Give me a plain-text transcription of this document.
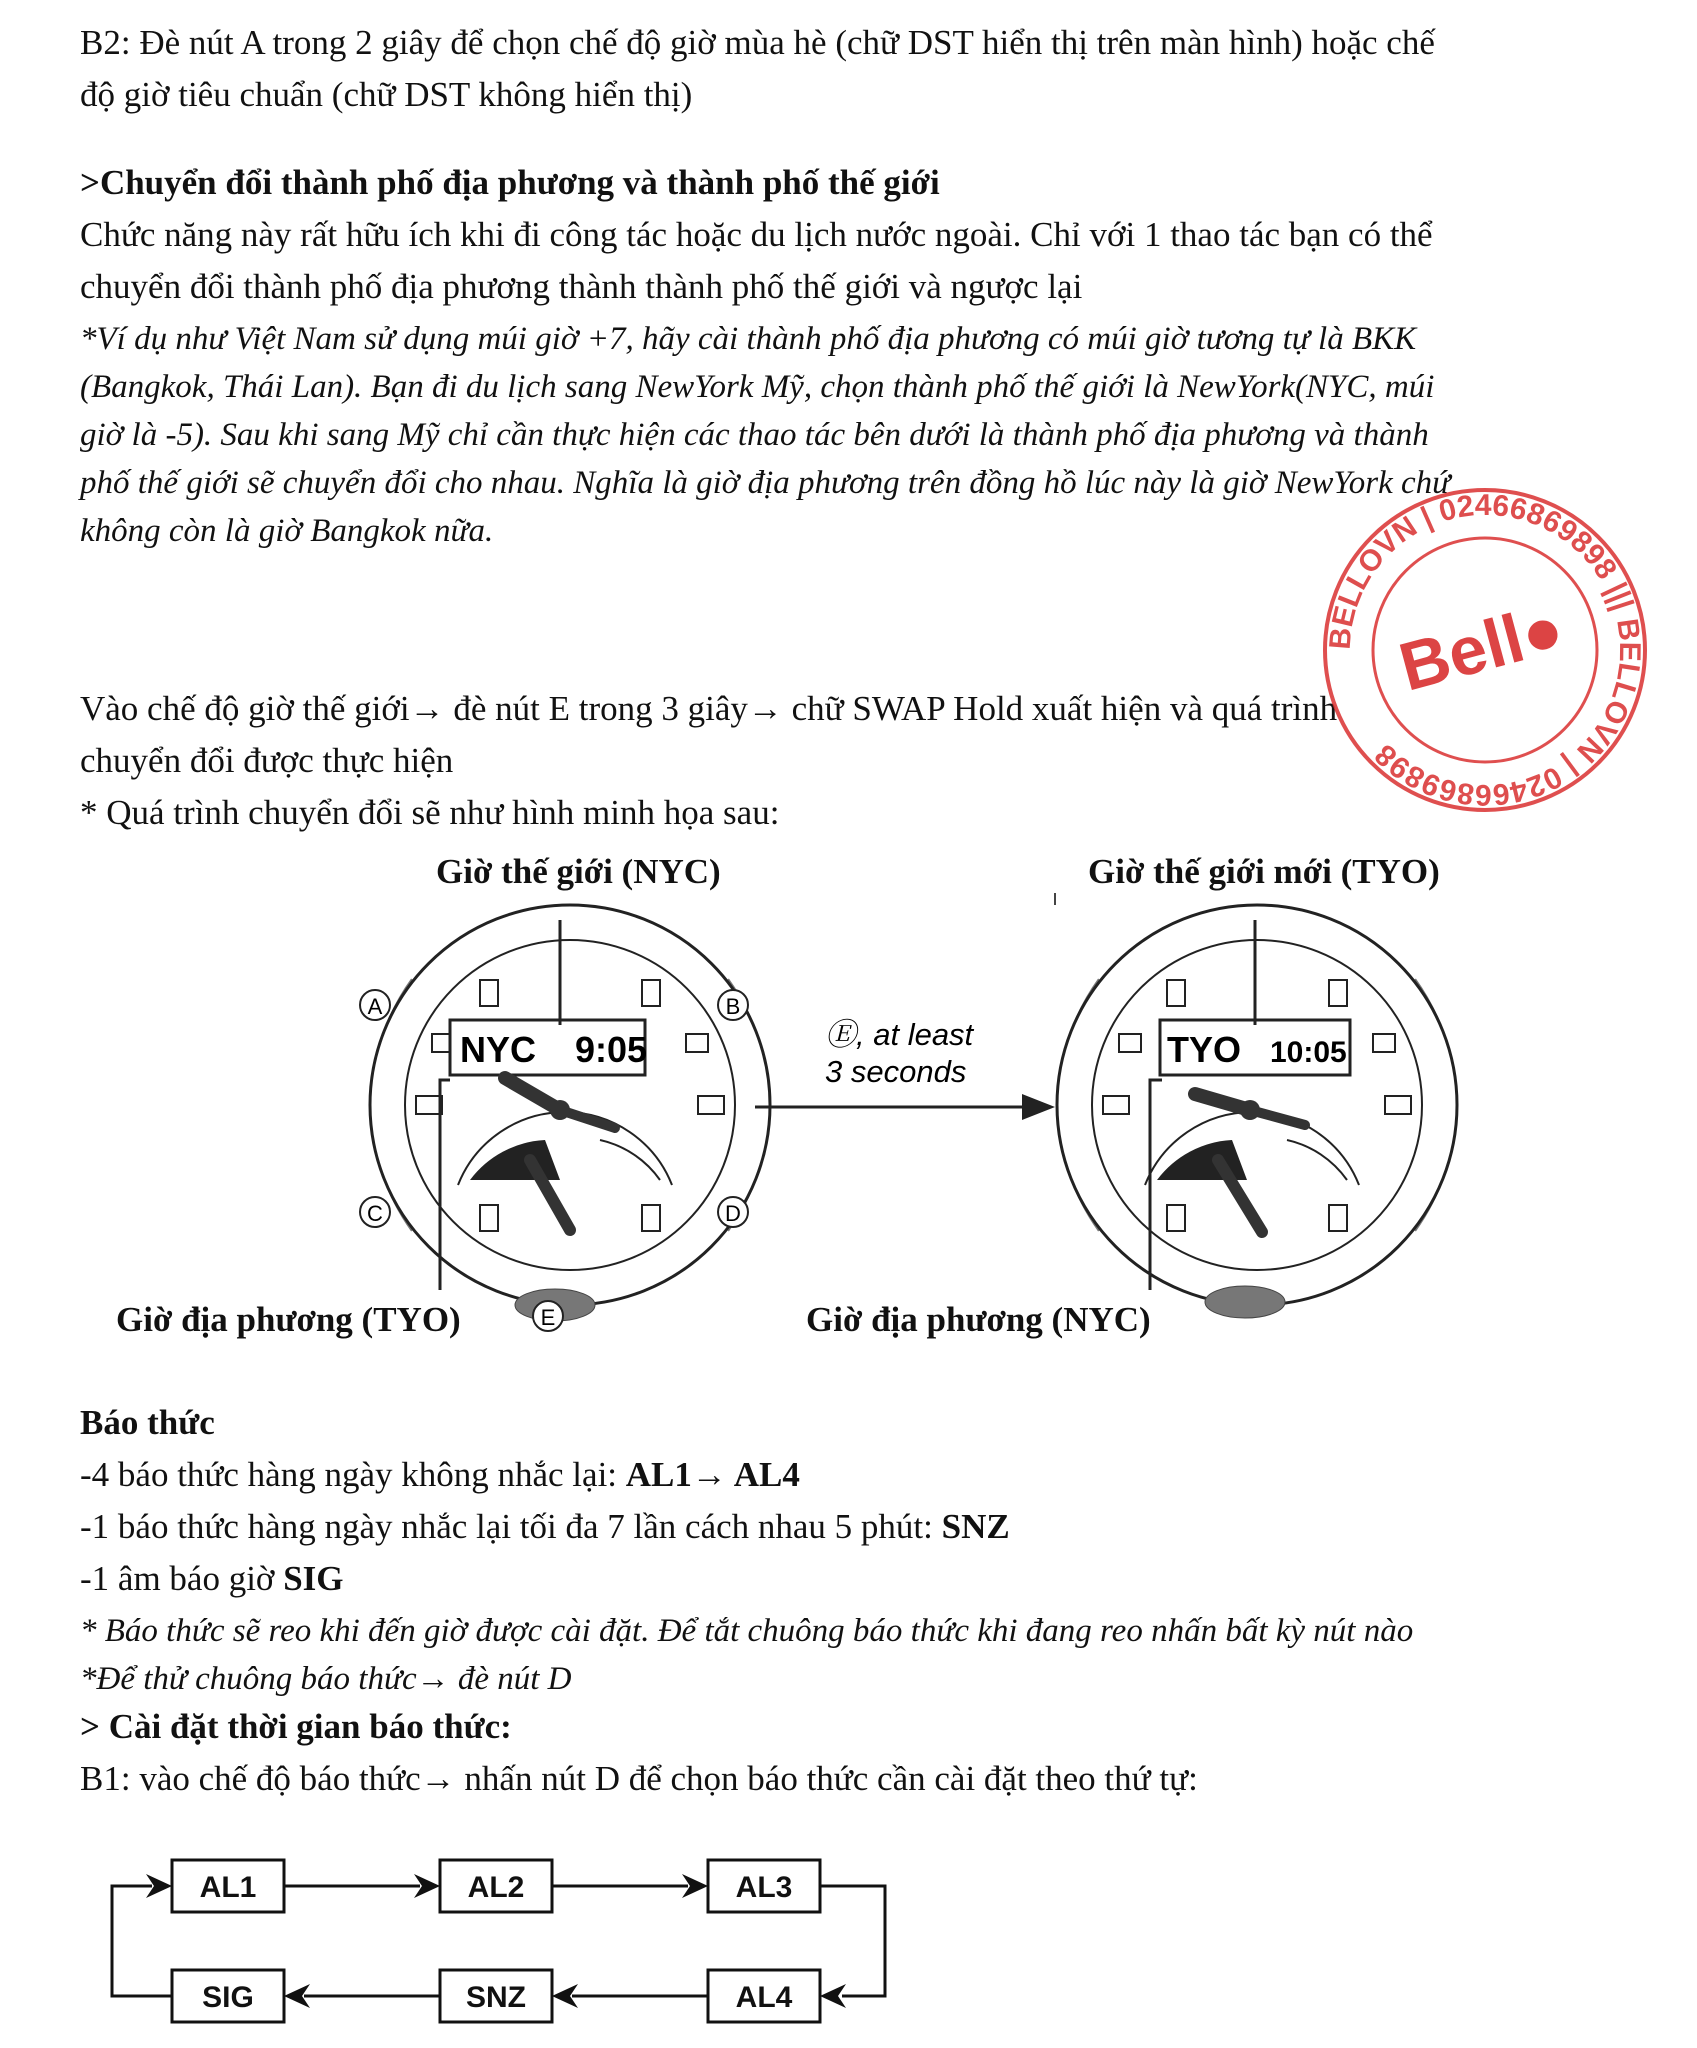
B2: Đè nút A trong 2 giây để chọn chế độ giờ mùa hè (chữ DST hiển thị trên màn hình) hoặc chế
độ giờ tiêu chuẩn (chữ DST không hiển thị)
>Chuyển đổi thành phố địa phương và thành phố thế giới
Chức năng này rất hữu ích khi đi công tác hoặc du lịch nước ngoài. Chỉ với 1 thao tác bạn có thể
chuyển đổi thành phố địa phương thành thành phố thế giới và ngược lại
*Ví dụ như Việt Nam sử dụng múi giờ +7, hãy cài thành phố địa phương có múi giờ tương tự là BKK
(Bangkok, Thái Lan). Bạn đi du lịch sang NewYork Mỹ, chọn thành phố thế giới là NewYork(NYC, múi
giờ là -5). Sau khi sang Mỹ chỉ cần thực hiện các thao tác bên dưới là thành phố địa phương và thành
phố thế giới sẽ chuyển đổi cho nhau. Nghĩa là giờ địa phương trên đồng hồ lúc này là giờ NewYork chứ
không còn là giờ Bangkok nữa.
Vào chế độ giờ thế giới→ đè nút E trong 3 giây→ chữ SWAP Hold xuất hiện và quá trình
chuyển đổi được thực hiện
* Quá trình chuyển đổi sẽ như hình minh họa sau:
Giờ thế giới (NYC)	Giờ thế giới mới (TYO)
Giờ địa phương (TYO)	Giờ địa phương (NYC)
NYC 9:05
A	B
C	D
E
Ⓔ, at least
3 seconds
TYO 10:05
Báo thức
-4 báo thức hàng ngày không nhắc lại: AL1→ AL4
-1 báo thức hàng ngày nhắc lại tối đa 7 lần cách nhau 5 phút: SNZ
-1 âm báo giờ SIG
* Báo thức sẽ reo khi đến giờ được cài đặt. Để tắt chuông báo thức khi đang reo nhấn bất kỳ nút nào
*Để thử chuông báo thức→ đè nút D
> Cài đặt thời gian báo thức:
B1: vào chế độ báo thức→ nhấn nút D để chọn báo thức cần cài đặt theo thứ tự:
AL1	AL2	AL3
AL4
SNZ
SIG
BELLOVN | 02466869898 ||| BELLOVN | 02466869898
Bell●
